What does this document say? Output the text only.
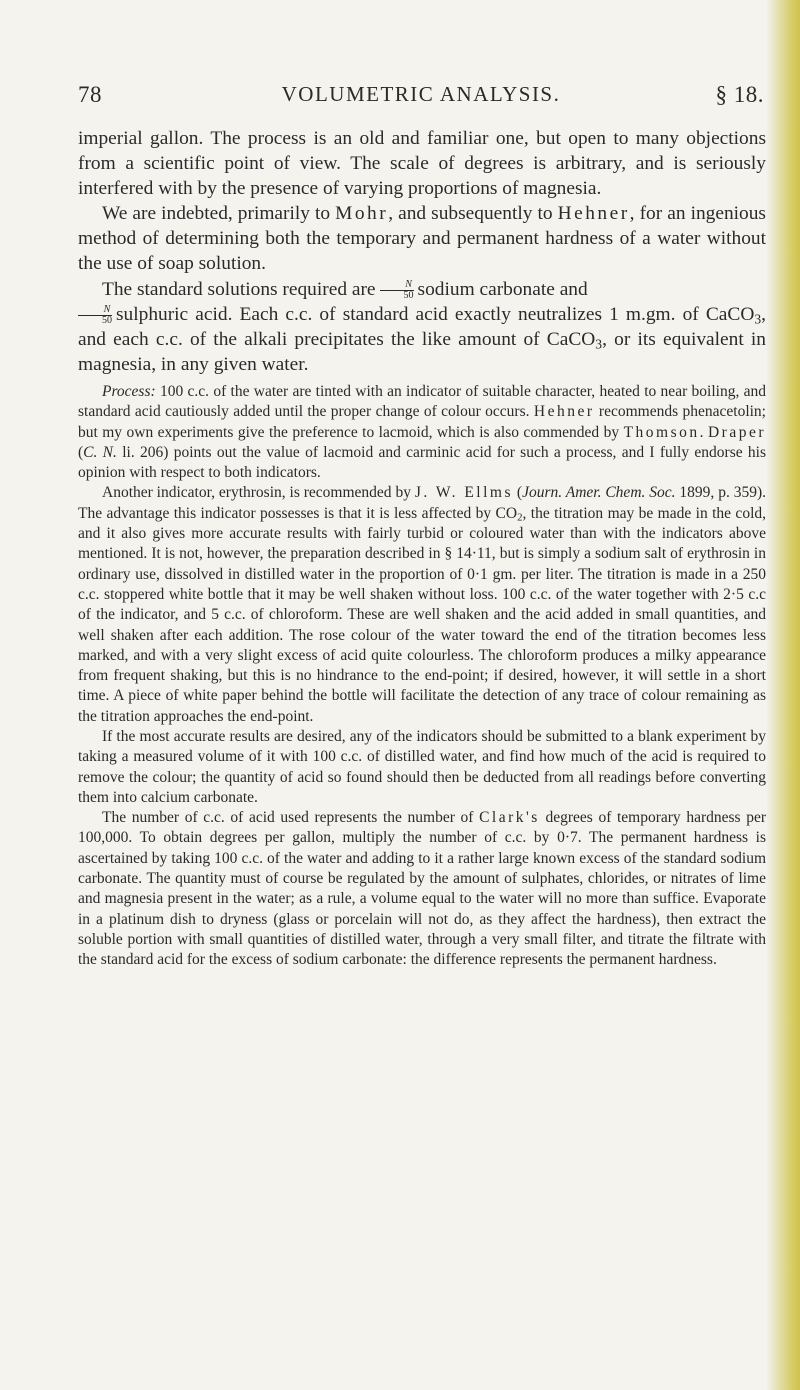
78	VOLUMETRIC ANALYSIS.	§ 18.

imperial gallon. The process is an old and familiar one, but open to many objections from a scientific point of view. The scale of degrees is arbitrary, and is seriously interfered with by the presence of varying proportions of magnesia.

We are indebted, primarily to Mohr, and subsequently to Hehner, for an ingenious method of determining both the temporary and permanent hardness of a water without the use of soap solution.

The standard solutions required are $\frac{N}{50}$ sodium carbonate and

$\frac{N}{50}$ sulphuric acid. Each c.c. of standard acid exactly neutralizes 1 m.gm. of CaCO$_3$, and each c.c. of the alkali precipitates the like amount of CaCO$_3$, or its equivalent in magnesia, in any given water.

Process: 100 c.c. of the water are tinted with an indicator of suitable character, heated to near boiling, and standard acid cautiously added until the proper change of colour occurs. Hehner recommends phenacetolin; but my own experiments give the preference to lacmoid, which is also commended by Thomson. Draper (C. N. li. 206) points out the value of lacmoid and carminic acid for such a process, and I fully endorse his opinion with respect to both indicators.

Another indicator, erythrosin, is recommended by J. W. Ellms (Journ. Amer. Chem. Soc. 1899, p. 359). The advantage this indicator possesses is that it is less affected by $CO_2$, the titration may be made in the cold, and it also gives more accurate results with fairly turbid or coloured water than with the indicators above mentioned. It is not, however, the preparation described in § 14·11, but is simply a sodium salt of erythrosin in ordinary use, dissolved in distilled water in the proportion of 0·1 gm. per liter. The titration is made in a 250 c.c. stoppered white bottle that it may be well shaken without loss. 100 c.c. of the water together with 2·5 c.c of the indicator, and 5 c.c. of chloroform. These are well shaken and the acid added in small quantities, and well shaken after each addition. The rose colour of the water toward the end of the titration becomes less marked, and with a very slight excess of acid quite colourless. The chloroform produces a milky appearance from frequent shaking, but this is no hindrance to the end-point; if desired, however, it will settle in a short time. A piece of white paper behind the bottle will facilitate the detection of any trace of colour remaining as the titration approaches the end-point.

If the most accurate results are desired, any of the indicators should be submitted to a blank experiment by taking a measured volume of it with 100 c.c. of distilled water, and find how much of the acid is required to remove the colour; the quantity of acid so found should then be deducted from all readings before converting them into calcium carbonate.

The number of c.c. of acid used represents the number of Clark's degrees of temporary hardness per 100,000. To obtain degrees per gallon, multiply the number of c.c. by 0·7. The permanent hardness is ascertained by taking 100 c.c. of the water and adding to it a rather large known excess of the standard sodium carbonate. The quantity must of course be regulated by the amount of sulphates, chlorides, or nitrates of lime and magnesia present in the water; as a rule, a volume equal to the water will no more than suffice. Evaporate in a platinum dish to dryness (glass or porcelain will not do, as they affect the hardness), then extract the soluble portion with small quantities of distilled water, through a very small filter, and titrate the filtrate with the standard acid for the excess of sodium carbonate: the difference represents the permanent hardness.
